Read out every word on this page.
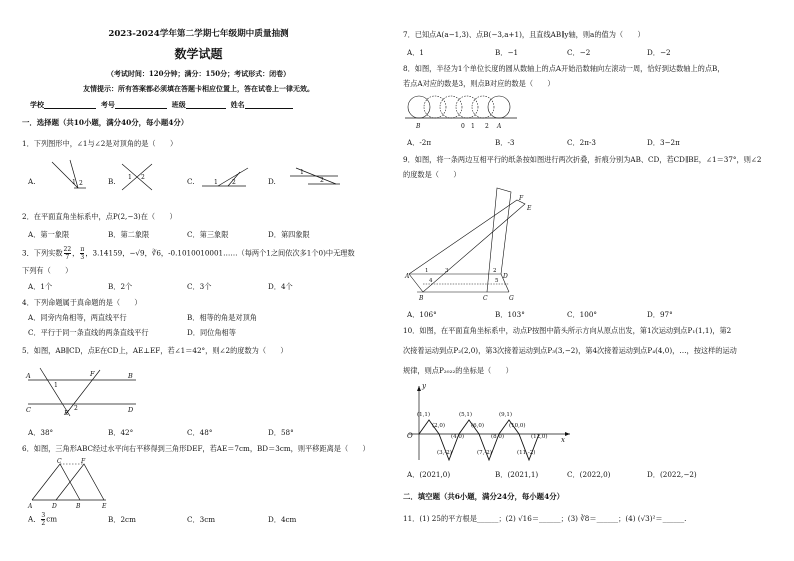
2023-2024学年第二学期七年级期中质量抽测
数学试题
（考试时间：120分钟；满分：150分；考试形式：闭卷）
友情提示：所有答案都必须填在答题卡相应位置上，答在试卷上一律无效。
学校	考号	班级	姓名
一．选择题（共10小题，满分40分，每小题4分）
1．下列图形中，∠1与∠2是对顶角的是（　　）
A.	B.	C.	D.
1 2
1 2
1 2
1
2
2．在平面直角坐标系中，点P(2,−3)在（　　）
A．第一象限	B．第二象限	C．第三象限	D．第四象限
3．下列实数 $\frac{22}{7}$ ， $\frac{\pi}{3}$ ，3.14159，−√9，∛6，-0.1010010001……（每两个1之间依次多1个0)中无理数
下列有（　　）
A．1个	B．2个	C．3个	D．4个
4．下列命题属于真命题的是（　　）
A．同旁内角相等，两直线平行	B．相等的角是对顶角
C．平行于同一条直线的两条直线平行	D．同位角相等
5．如图，AB∥CD，点E在CD上，AE⊥EF，若∠1＝42°，则∠2的度数为（　　）
A	B
C	D
E
F
1
2
A．38°	B．42°	C．48°	D．58°
6．如图，三角形ABC经过水平向右平移得到三角形DEF，若AE＝7cm，BD＝3cm，则平移距离是（　　）
A	B
C
D	E
F
A． $\frac{3}{2}$ cm	B．2cm	C．3cm	D．4cm
7．已知点A(a−1,3)、点B(−3,a+1)，且直线AB∥y轴，则a的值为（　　）
A．1	B．−1	C．−2	D．−2
8．如图，半径为1个单位长度的圆从数轴上的点A开始沿数轴向左滚动一周，恰好到达数轴上的点B，
若点A对应的数是3，则点B对应的数是（　　）
B	0 1 2 A
A．-2π	B．-3	C．2π-3	D．3−2π
9．如图，将一条两边互相平行的纸条按如图进行两次折叠，折痕分别为AB、CD，若CD∥BE，∠1＝37°，则∠2
的度数是（　　）
A
B	C
D
E
F
G
1	2
3
4	5
A．106°	B．103°	C．100°	D．97°
10．如图，在平面直角坐标系中，动点P按图中箭头所示方向从原点出发，第1次运动到点P₁(1,1)，第2
次接着运动到点P₂(2,0)，第3次接着运动到点P₃(3,−2)，第4次接着运动到点P₄(4,0)，…，按这样的运动
规律，则点P₂₀₂₂的坐标是（　　）
y
O	x
(1,1)
(2,0)
(3,-2)
(4,0)
(5,1)
(6,0)
(7,-2)
(8,0)
(9,1)
(10,0)
(11,-2)
(12,0)
A．(2021,0)	B．(2021,1)	C．(2022,0)	D．(2022,−2)
二．填空题（共6小题，满分24分，每小题4分）
11．(1) 25的平方根是______；(2) √16＝______；(3) ∛8＝______；(4) (√3)²＝______.
